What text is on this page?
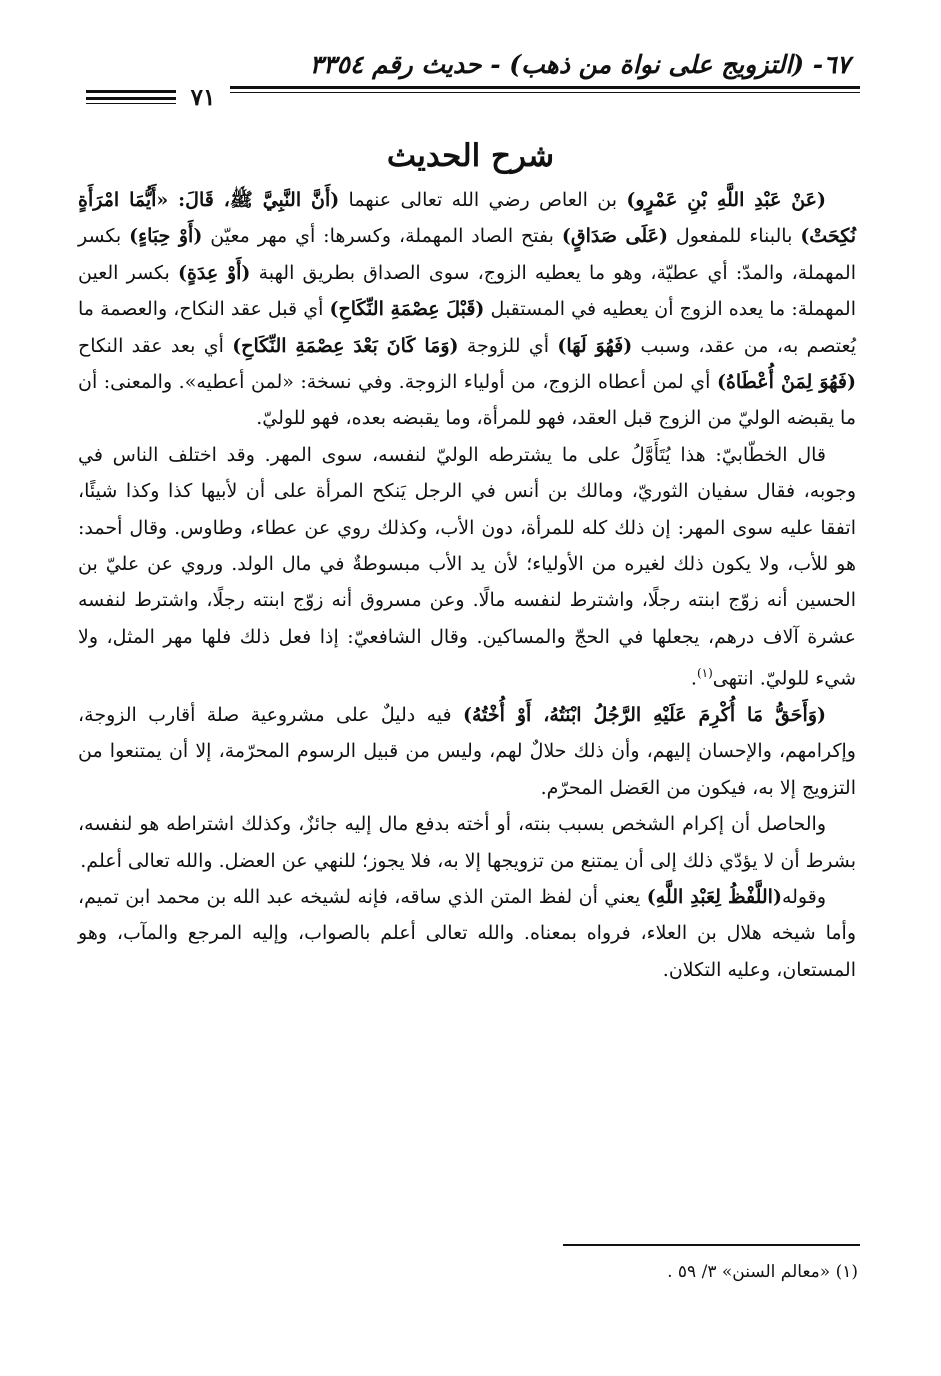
٦٧- (التزويج على نواة من ذهب) - حديث رقم ٣٣٥٤
٧١
شرح الحديث

(عَنْ عَبْدِ اللَّهِ بْنِ عَمْرٍو) بن العاص رضي الله تعالى عنهما (أَنَّ النَّبِيَّ ﷺ، قَالَ: «أَيُّمَا امْرَأَةٍ نُكِحَتْ) بالبناء للمفعول (عَلَى صَدَاقٍ) بفتح الصاد المهملة، وكسرها: أي مهر معيّن (أَوْ حِبَاءٍ) بكسر المهملة، والمدّ: أي عطيّة، وهو ما يعطيه الزوج، سوى الصداق بطريق الهبة (أَوْ عِدَةٍ) بكسر العين المهملة: ما يعده الزوج أن يعطيه في المستقبل (قَبْلَ عِصْمَةِ النِّكَاحِ) أي قبل عقد النكاح، والعصمة ما يُعتصم به، من عقد، وسبب (فَهُوَ لَهَا) أي للزوجة (وَمَا كَانَ بَعْدَ عِصْمَةِ النِّكَاحِ) أي بعد عقد النكاح (فَهُوَ لِمَنْ أُعْطَاهُ) أي لمن أعطاه الزوج، من أولياء الزوجة. وفي نسخة: «لمن أعطيه». والمعنى: أن ما يقبضه الوليّ من الزوج قبل العقد، فهو للمرأة، وما يقبضه بعده، فهو للوليّ.

قال الخطّابيّ: هذا يُتَأَوَّلُ على ما يشترطه الوليّ لنفسه، سوى المهر. وقد اختلف الناس في وجوبه، فقال سفيان الثوريّ، ومالك بن أنس في الرجل يَنكح المرأة على أن لأبيها كذا وكذا شيئًا، اتفقا عليه سوى المهر: إن ذلك كله للمرأة، دون الأب، وكذلك روي عن عطاء، وطاوس. وقال أحمد: هو للأب، ولا يكون ذلك لغيره من الأولياء؛ لأن يد الأب مبسوطةٌ في مال الولد. وروي عن عليّ بن الحسين أنه زوّج ابنته رجلًا، واشترط لنفسه مالًا. وعن مسروق أنه زوّج ابنته رجلًا، واشترط لنفسه عشرة آلاف درهم، يجعلها في الحجّ والمساكين. وقال الشافعيّ: إذا فعل ذلك فلها مهر المثل، ولا شيء للوليّ. انتهى$^{(١)}$.

(وَأَحَقُّ مَا أُكْرِمَ عَلَيْهِ الرَّجُلُ ابْنَتُهُ، أَوْ أُخْتُهُ) فيه دليلٌ على مشروعية صلة أقارب الزوجة، وإكرامهم، والإحسان إليهم، وأن ذلك حلالٌ لهم، وليس من قبيل الرسوم المحرّمة، إلا أن يمتنعوا من التزويج إلا به، فيكون من العَضل المحرّم.

والحاصل أن إكرام الشخص بسبب بنته، أو أخته بدفع مال إليه جائزٌ، وكذلك اشتراطه هو لنفسه، بشرط أن لا يؤدّي ذلك إلى أن يمتنع من تزويجها إلا به، فلا يجوز؛ للنهي عن العضل. والله تعالى أعلم.

وقوله(اللَّفْظُ لِعَبْدِ اللَّهِ) يعني أن لفظ المتن الذي ساقه، فإنه لشيخه عبد الله بن محمد ابن تميم، وأما شيخه هلال بن العلاء، فرواه بمعناه. والله تعالى أعلم بالصواب، وإليه المرجع والمآب، وهو المستعان، وعليه التكلان.

(١) «معالم السنن» ٣/ ٥٩ .
